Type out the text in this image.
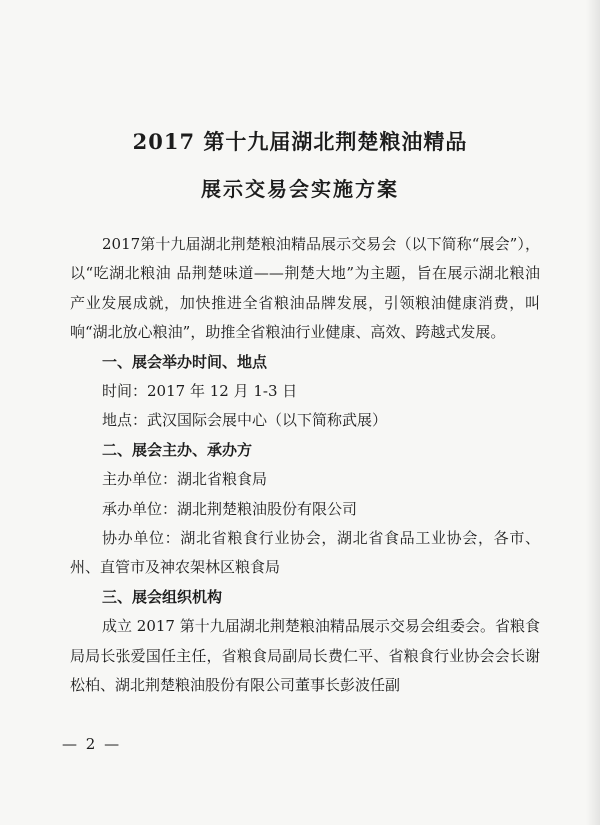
2017 第十九届湖北荆楚粮油精品
展示交易会实施方案

2017第十九届湖北荆楚粮油精品展示交易会（以下简称“展会”），以“吃湖北粮油 品荆楚味道——荆楚大地”为主题，旨在展示湖北粮油产业发展成就，加快推进全省粮油品牌发展，引领粮油健康消费，叫响“湖北放心粮油”，助推全省粮油行业健康、高效、跨越式发展。

一、展会举办时间、地点

时间：2017 年 12 月 1-3 日

地点：武汉国际会展中心（以下简称武展）

二、展会主办、承办方

主办单位：湖北省粮食局

承办单位：湖北荆楚粮油股份有限公司

协办单位：湖北省粮食行业协会，湖北省食品工业协会，各市、州、直管市及神农架林区粮食局

三、展会组织机构

成立 2017 第十九届湖北荆楚粮油精品展示交易会组委会。省粮食局局长张爱国任主任，省粮食局副局长费仁平、省粮食行业协会会长谢松柏、湖北荆楚粮油股份有限公司董事长彭波任副

— 2 —
